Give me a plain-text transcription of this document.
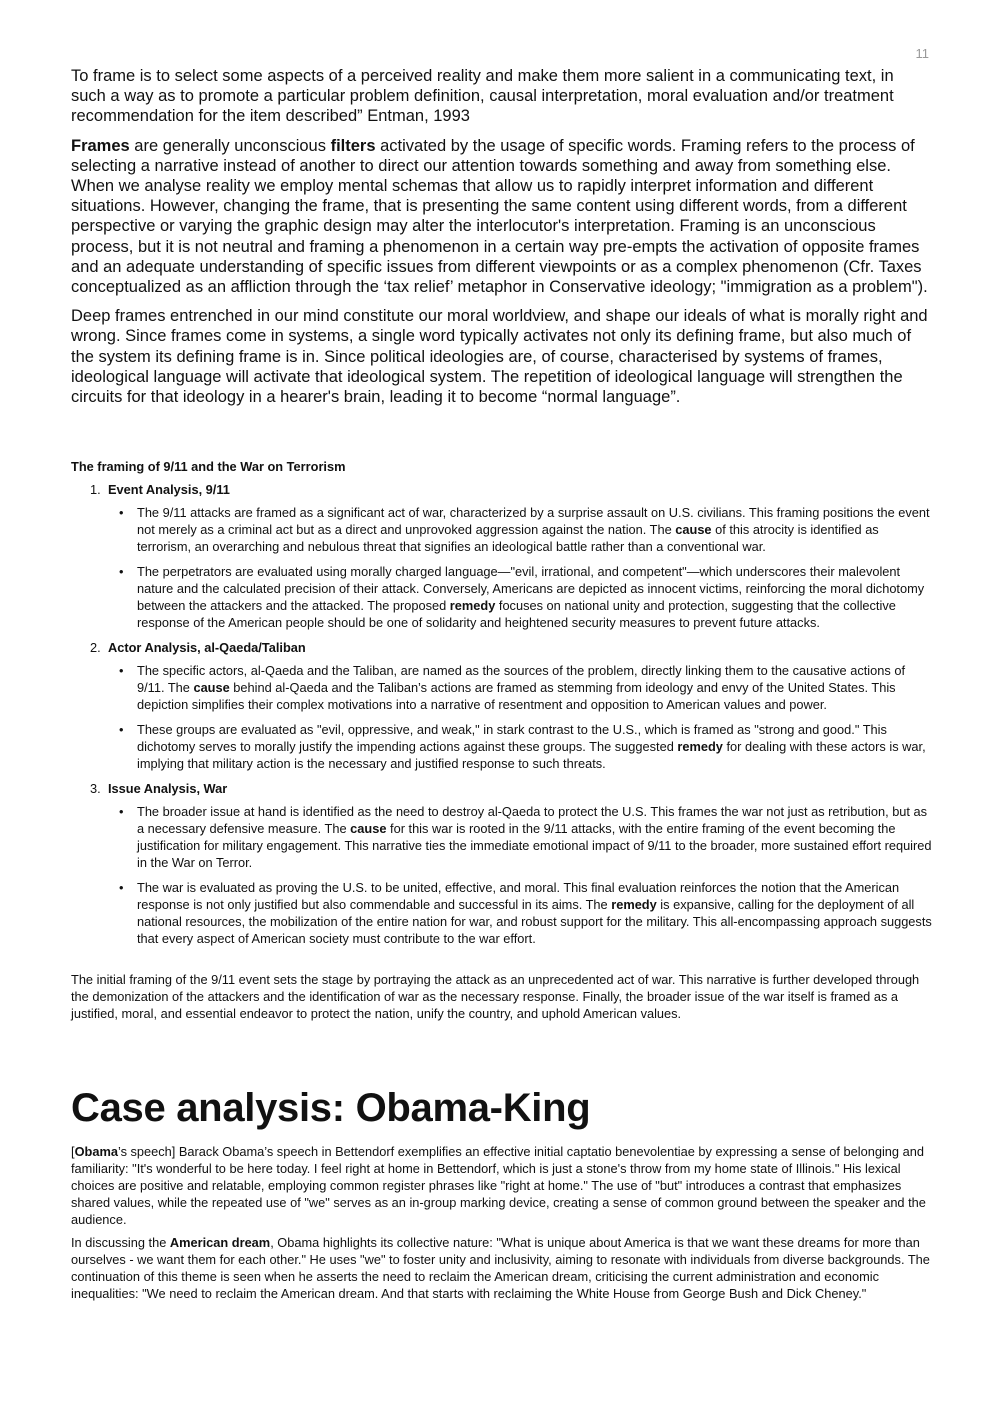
11

To frame is to select some aspects of a perceived reality and make them more salient in a communicating text, in such a way as to promote a particular problem definition, causal interpretation, moral evaluation and/or treatment recommendation for the item described” Entman, 1993

Frames are generally unconscious filters activated by the usage of specific words. Framing refers to the process of selecting a narrative instead of another to direct our attention towards something and away from something else. When we analyse reality we employ mental schemas that allow us to rapidly interpret information and different situations. However, changing the frame, that is presenting the same content using different words, from a different perspective or varying the graphic design may alter the interlocutor's interpretation. Framing is an unconscious process, but it is not neutral and framing a phenomenon in a certain way pre-empts the activation of opposite frames and an adequate understanding of specific issues from different viewpoints or as a complex phenomenon (Cfr. Taxes conceptualized as an affliction through the ‘tax relief’ metaphor in Conservative ideology; "immigration as a problem").

Deep frames entrenched in our mind constitute our moral worldview, and shape our ideals of what is morally right and wrong. Since frames come in systems, a single word typically activates not only its defining frame, but also much of the system its defining frame is in. Since political ideologies are, of course, characterised by systems of frames, ideological language will activate that ideological system. The repetition of ideological language will strengthen the circuits for that ideology in a hearer's brain, leading it to become “normal language”.

The framing of 9/11 and the War on Terrorism
1. Event Analysis, 9/11
• The 9/11 attacks are framed as a significant act of war, characterized by a surprise assault on U.S. civilians. This framing positions the event not merely as a criminal act but as a direct and unprovoked aggression against the nation. The cause of this atrocity is identified as terrorism, an overarching and nebulous threat that signifies an ideological battle rather than a conventional war.
• The perpetrators are evaluated using morally charged language—"evil, irrational, and competent"—which underscores their malevolent nature and the calculated precision of their attack. Conversely, Americans are depicted as innocent victims, reinforcing the moral dichotomy between the attackers and the attacked. The proposed remedy focuses on national unity and protection, suggesting that the collective response of the American people should be one of solidarity and heightened security measures to prevent future attacks.
2. Actor Analysis, al-Qaeda/Taliban
• The specific actors, al-Qaeda and the Taliban, are named as the sources of the problem, directly linking them to the causative actions of 9/11. The cause behind al-Qaeda and the Taliban’s actions are framed as stemming from ideology and envy of the United States. This depiction simplifies their complex motivations into a narrative of resentment and opposition to American values and power.
• These groups are evaluated as "evil, oppressive, and weak," in stark contrast to the U.S., which is framed as "strong and good." This dichotomy serves to morally justify the impending actions against these groups. The suggested remedy for dealing with these actors is war, implying that military action is the necessary and justified response to such threats.
3. Issue Analysis, War
• The broader issue at hand is identified as the need to destroy al-Qaeda to protect the U.S. This frames the war not just as retribution, but as a necessary defensive measure. The cause for this war is rooted in the 9/11 attacks, with the entire framing of the event becoming the justification for military engagement. This narrative ties the immediate emotional impact of 9/11 to the broader, more sustained effort required in the War on Terror.
• The war is evaluated as proving the U.S. to be united, effective, and moral. This final evaluation reinforces the notion that the American response is not only justified but also commendable and successful in its aims. The remedy is expansive, calling for the deployment of all national resources, the mobilization of the entire nation for war, and robust support for the military. This all-encompassing approach suggests that every aspect of American society must contribute to the war effort.
The initial framing of the 9/11 event sets the stage by portraying the attack as an unprecedented act of war. This narrative is further developed through the demonization of the attackers and the identification of war as the necessary response. Finally, the broader issue of the war itself is framed as a justified, moral, and essential endeavor to protect the nation, unify the country, and uphold American values.
Case analysis: Obama-King

[Obama’s speech] Barack Obama’s speech in Bettendorf exemplifies an effective initial captatio benevolentiae by expressing a sense of belonging and familiarity: "It's wonderful to be here today. I feel right at home in Bettendorf, which is just a stone's throw from my home state of Illinois." His lexical choices are positive and relatable, employing common register phrases like "right at home." The use of "but" introduces a contrast that emphasizes shared values, while the repeated use of "we" serves as an in-group marking device, creating a sense of common ground between the speaker and the audience.

In discussing the American dream, Obama highlights its collective nature: "What is unique about America is that we want these dreams for more than ourselves - we want them for each other." He uses "we" to foster unity and inclusivity, aiming to resonate with individuals from diverse backgrounds. The continuation of this theme is seen when he asserts the need to reclaim the American dream, criticising the current administration and economic inequalities: "We need to reclaim the American dream. And that starts with reclaiming the White House from George Bush and Dick Cheney."
